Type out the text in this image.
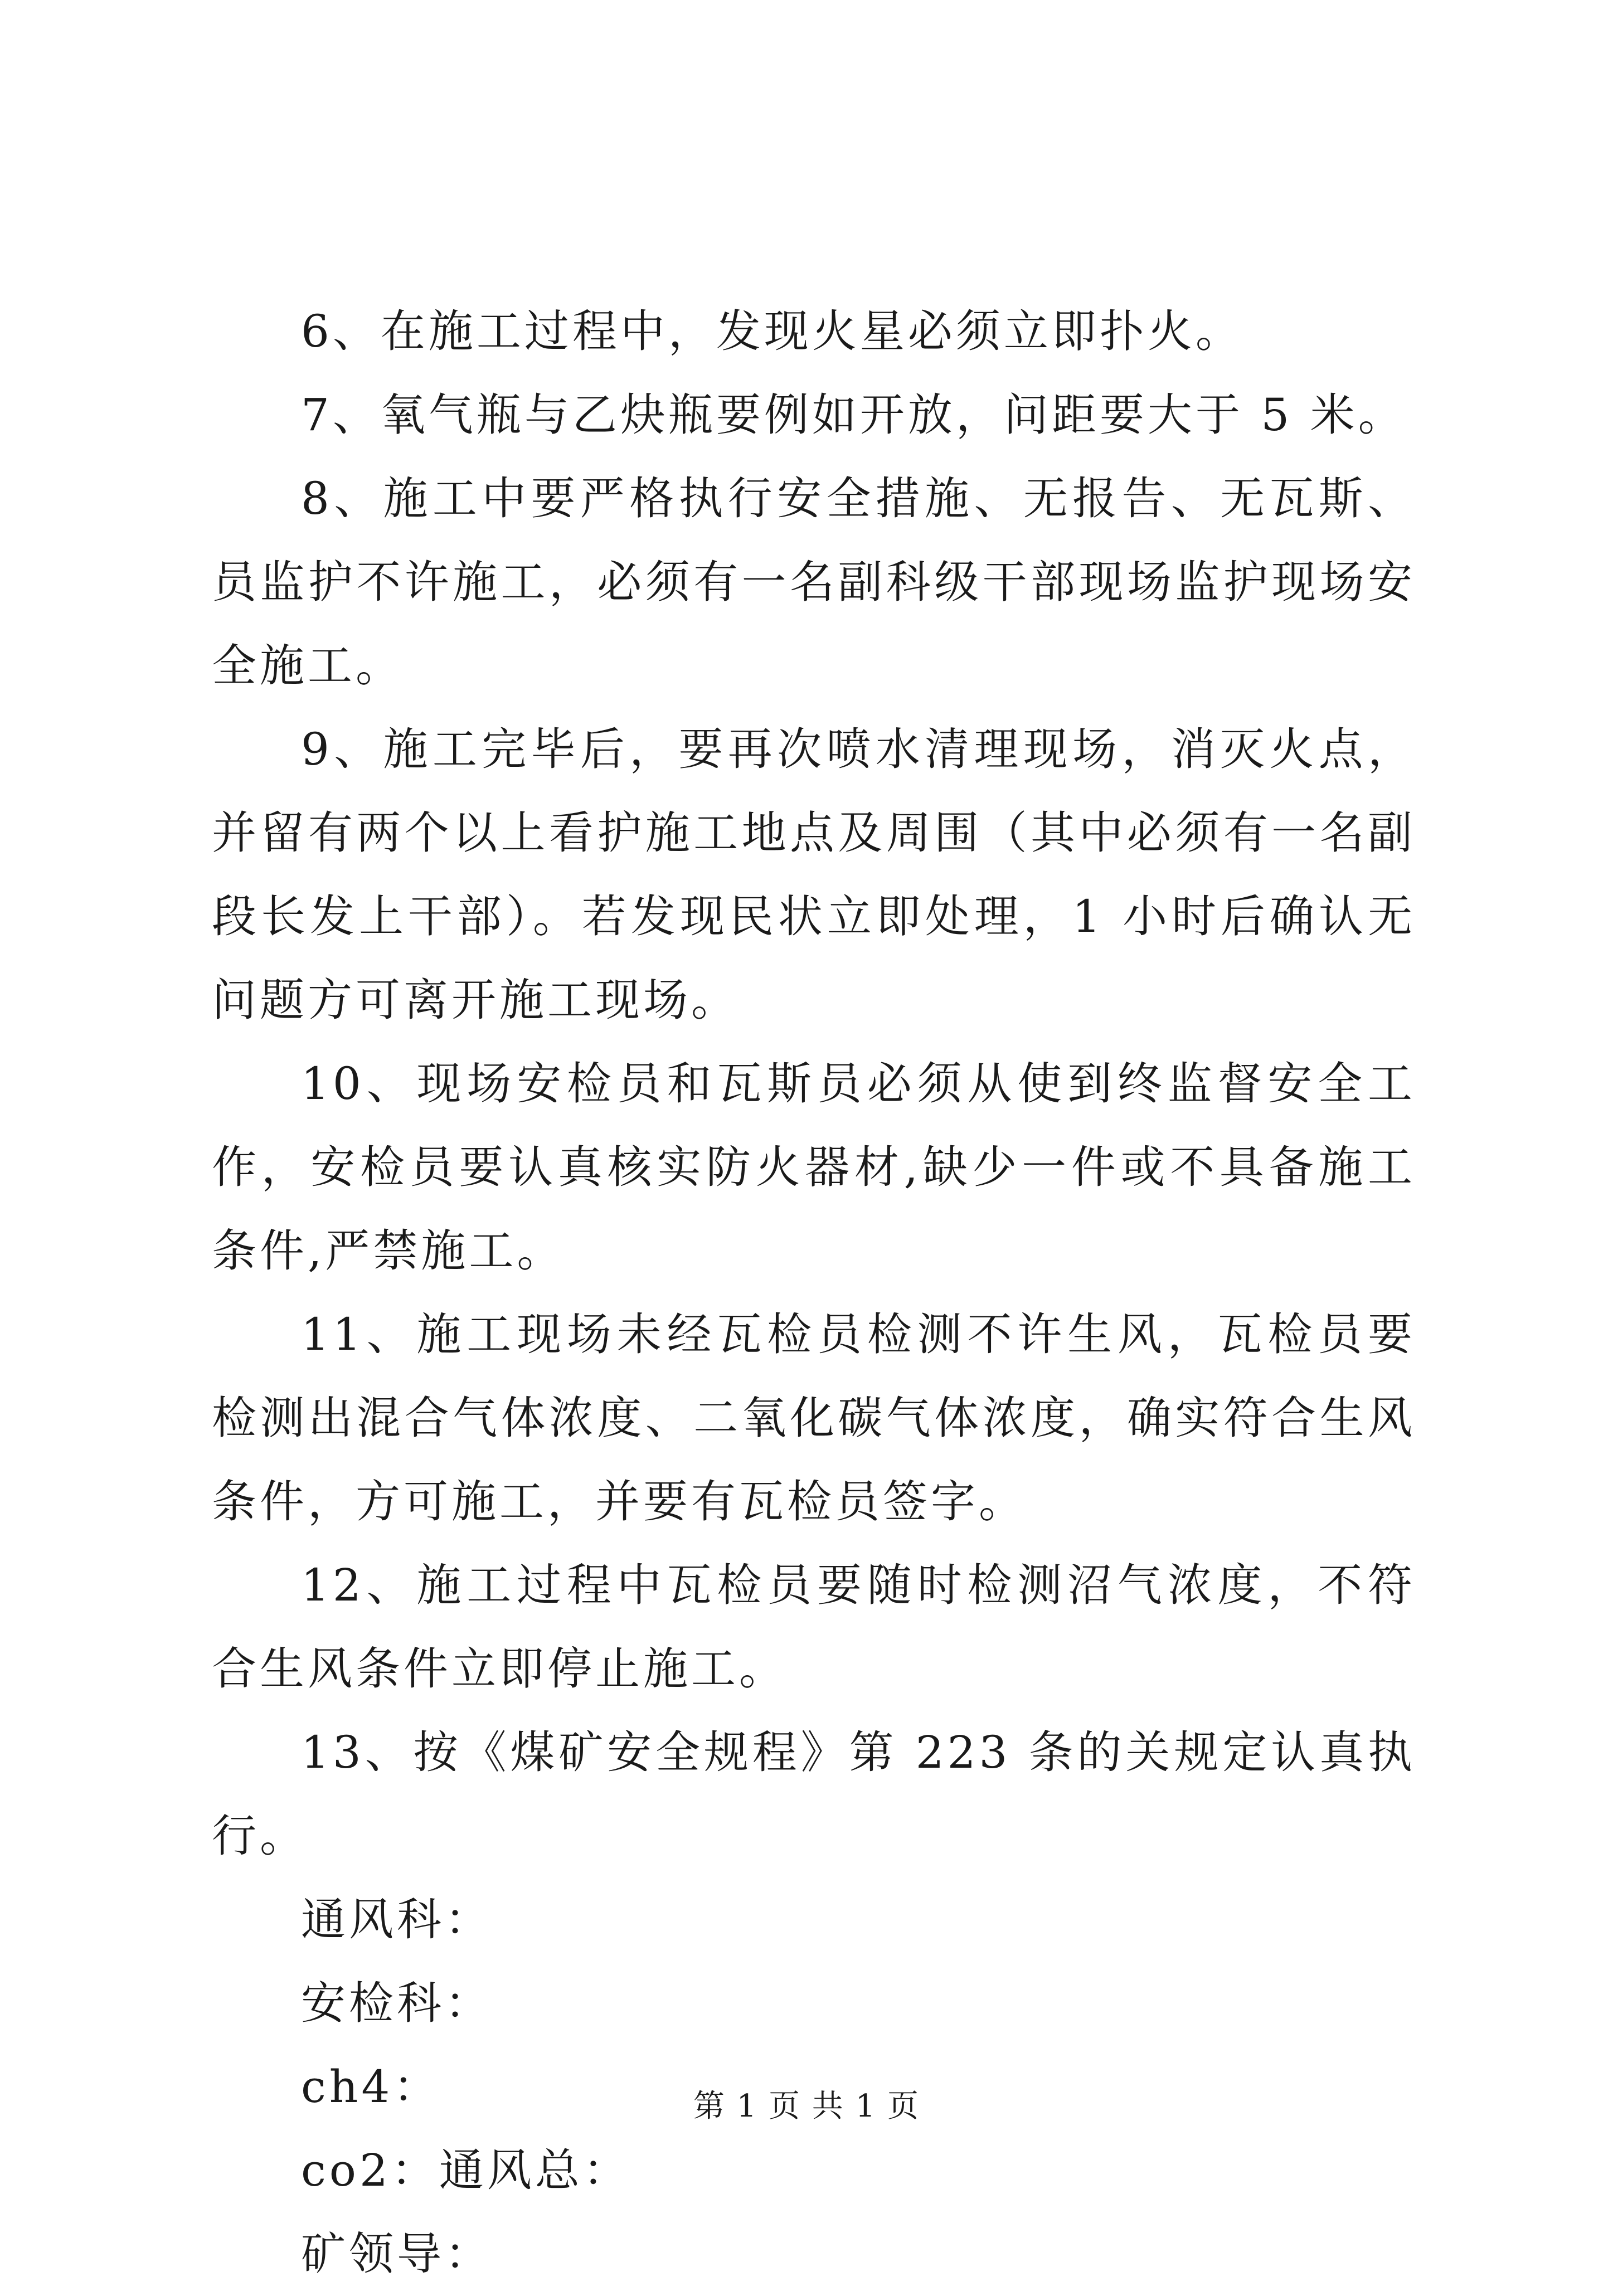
6、在施工过程中，发现火星必须立即扑火。

7、氧气瓶与乙炔瓶要例如开放，问距要大于 5 米。

8、施工中要严格执行安全措施、无报告、无瓦斯、员监护不许施工，必须有一名副科级干部现场监护现场安全施工。

9、施工完毕后，要再次喷水清理现场，消灭火点，并留有两个以上看护施工地点及周围（其中必须有一名副段长发上干部）。若发现民状立即处理，1 小时后确认无问题方可离开施工现场。

10、现场安检员和瓦斯员必须从使到终监督安全工作，安检员要认真核实防火器材,缺少一件或不具备施工条件,严禁施工。

11、施工现场未经瓦检员检测不许生风，瓦检员要检测出混合气体浓度、二氧化碳气体浓度，确实符合生风条件，方可施工，并要有瓦检员签字。

12、施工过程中瓦检员要随时检测沼气浓度，不符合生风条件立即停止施工。

13、按《煤矿安全规程》第 223 条的关规定认真执行。

通风科：

安检科：

ch4：

co2：通风总：

矿领导：

第 1 页 共 1 页
